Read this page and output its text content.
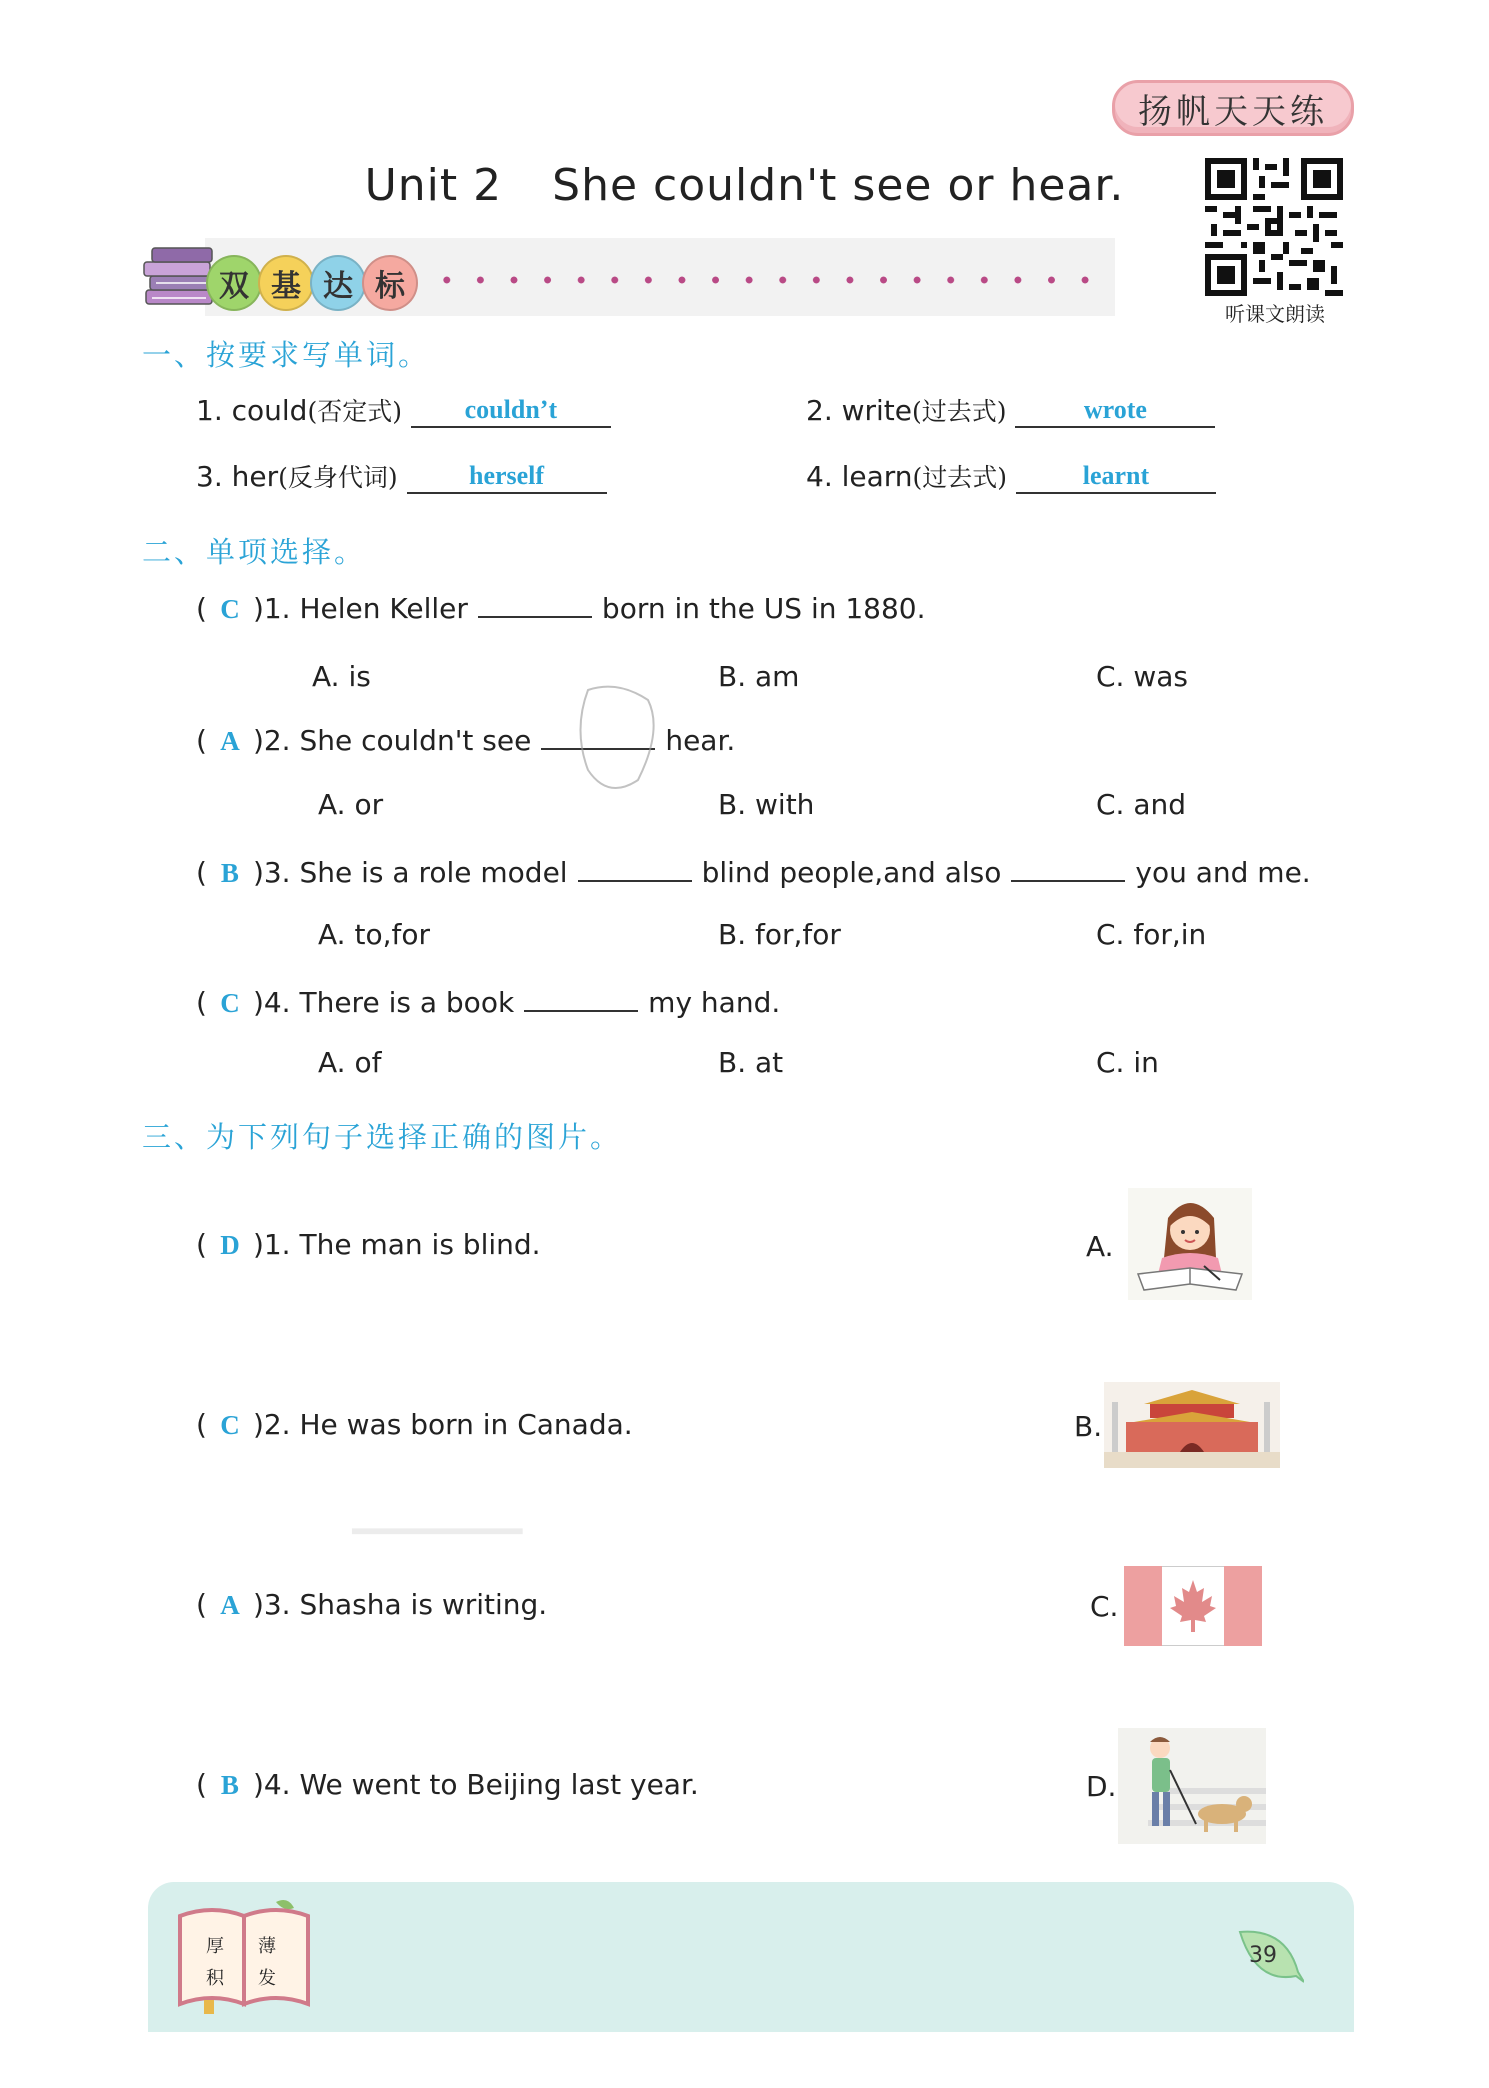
扬帆天天练
Unit 2 She couldn't see or hear.
听课文朗读
双 基 达 标
一、按要求写单词。
1. could(否定式) couldn’t	2. write(过去式)	wrote
3. her(反身代词)	herself	4. learn(过去式)	learnt
二、单项选择。
( C )1. Helen Keller	born in the US in 1880.
A. is	B. am	C. was
( A )2. She couldn't see	hear.
A. or	B. with	C. and
( B )3. She is a role model	blind people,and also	you and me.
A. to,for	B. for,for	C. for,in
( C )4. There is a book	my hand.
A. of	B. at	C. in
三、为下列句子选择正确的图片。
( D )1. The man is blind.
( C )2. He was born in Canada.
( A )3. Shasha is writing.
( B )4. We went to Beijing last year.
A.
B.
C.
D.
⸻
厚 薄
积 发
39
